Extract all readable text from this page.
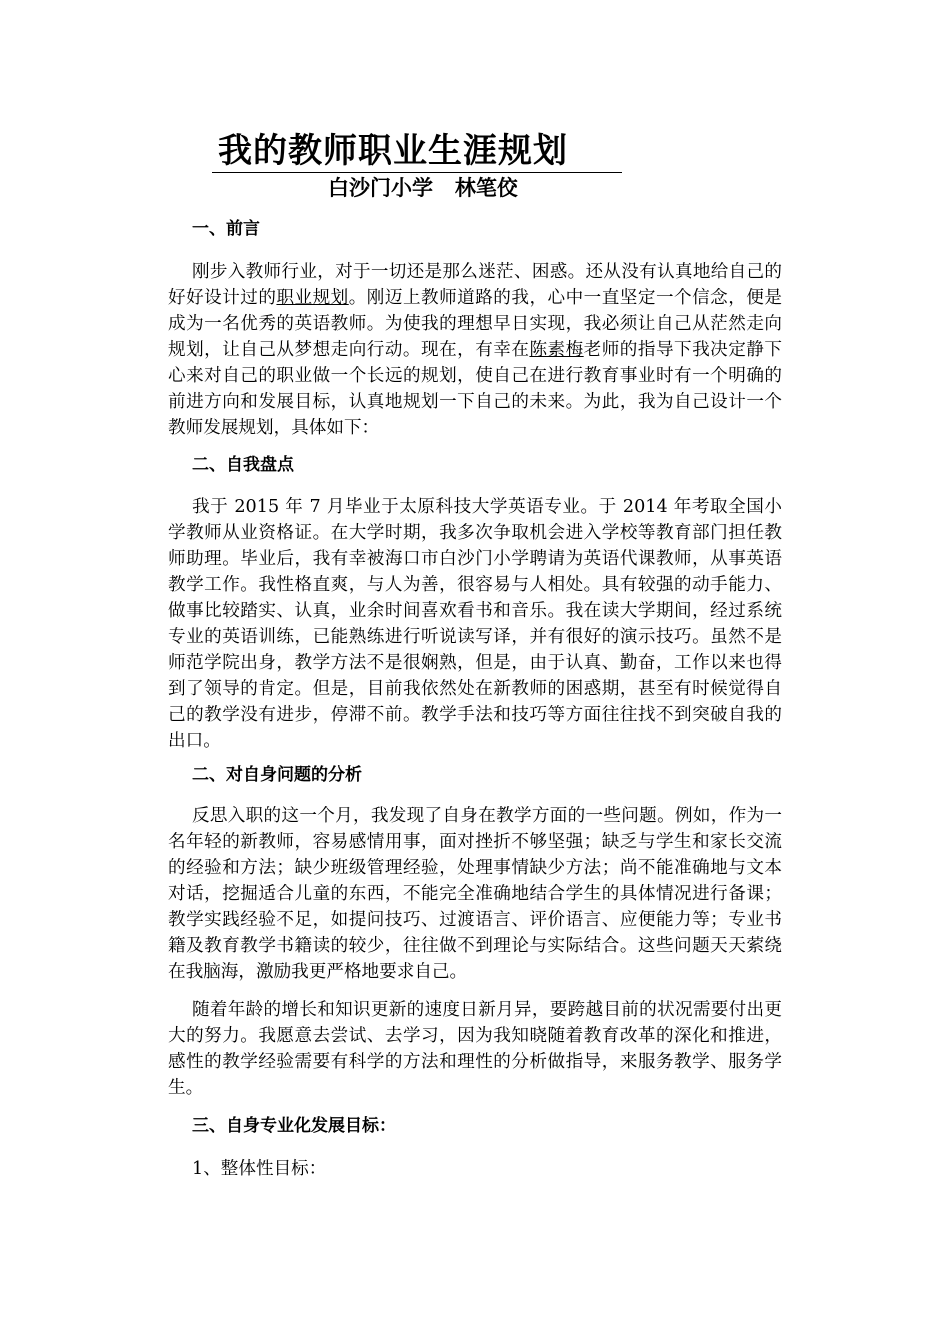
我的教师职业生涯规划
白沙门小学   林笔佼
一、前言
刚步入教师行业，对于一切还是那么迷茫、困惑。还从没有认真地给自己的好好设计过的职业规划。刚迈上教师道路的我，心中一直坚定一个信念，便是成为一名优秀的英语教师。为使我的理想早日实现，我必须让自己从茫然走向规划，让自己从梦想走向行动。现在，有幸在陈素梅老师的指导下我决定静下心来对自己的职业做一个长远的规划，使自己在进行教育事业时有一个明确的前进方向和发展目标，认真地规划一下自己的未来。为此，我为自己设计一个教师发展规划，具体如下：
二、自我盘点
我于 2015 年 7 月毕业于太原科技大学英语专业。于 2014 年考取全国小学教师从业资格证。在大学时期，我多次争取机会进入学校等教育部门担任教师助理。毕业后，我有幸被海口市白沙门小学聘请为英语代课教师，从事英语教学工作。我性格直爽，与人为善，很容易与人相处。具有较强的动手能力、做事比较踏实、认真，业余时间喜欢看书和音乐。我在读大学期间，经过系统专业的英语训练，已能熟练进行听说读写译，并有很好的演示技巧。虽然不是师范学院出身，教学方法不是很娴熟，但是，由于认真、勤奋，工作以来也得到了领导的肯定。但是，目前我依然处在新教师的困惑期，甚至有时候觉得自己的教学没有进步，停滞不前。教学手法和技巧等方面往往找不到突破自我的出口。
二、对自身问题的分析
反思入职的这一个月，我发现了自身在教学方面的一些问题。例如，作为一名年轻的新教师，容易感情用事，面对挫折不够坚强；缺乏与学生和家长交流的经验和方法；缺少班级管理经验，处理事情缺少方法；尚不能准确地与文本对话，挖掘适合儿童的东西，不能完全准确地结合学生的具体情况进行备课；教学实践经验不足，如提问技巧、过渡语言、评价语言、应便能力等；专业书籍及教育教学书籍读的较少，往往做不到理论与实际结合。这些问题天天萦绕在我脑海，激励我更严格地要求自己。
随着年龄的增长和知识更新的速度日新月异，要跨越目前的状况需要付出更大的努力。我愿意去尝试、去学习，因为我知晓随着教育改革的深化和推进，感性的教学经验需要有科学的方法和理性的分析做指导，来服务教学、服务学生。
三、自身专业化发展目标：
1、整体性目标：
